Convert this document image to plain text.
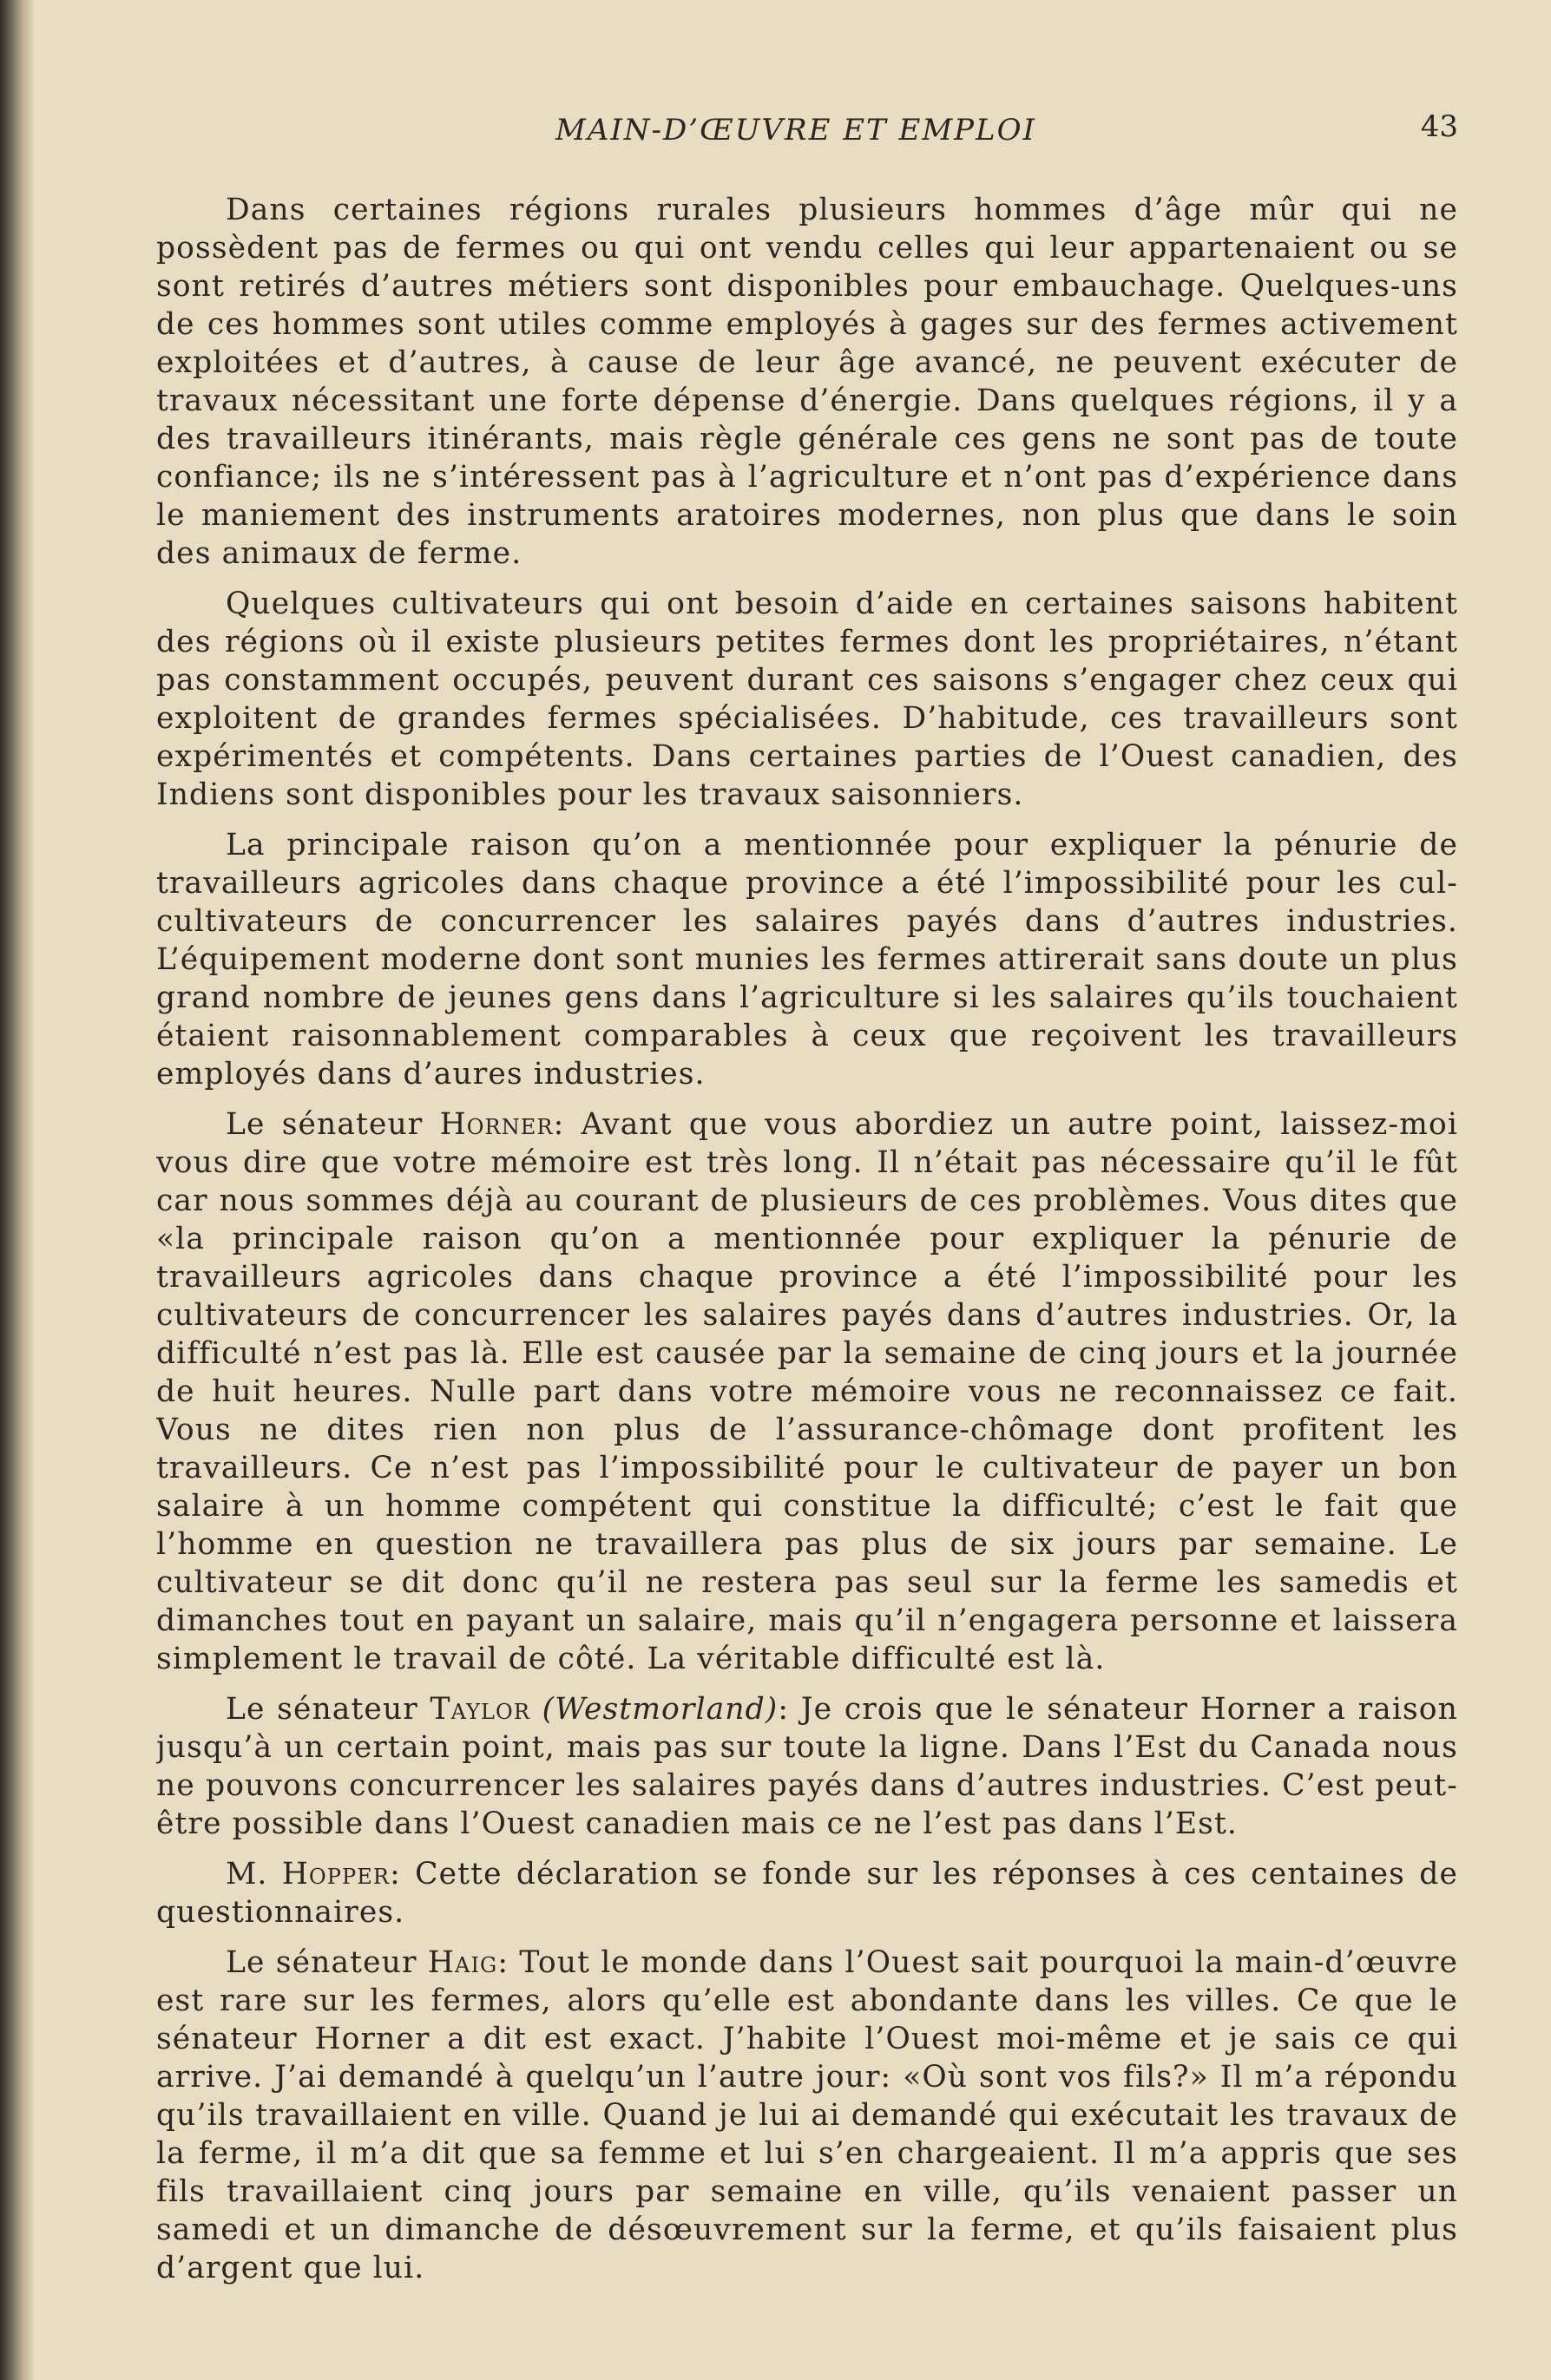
MAIN-D’ŒUVRE ET EMPLOI	43

Dans certaines régions rurales plusieurs hommes d’âge mûr qui ne possèdent pas de fermes ou qui ont vendu celles qui leur appartenaient ou se sont retirés d’autres métiers sont disponibles pour embauchage. Quelques-uns de ces hommes sont utiles comme employés à gages sur des fermes activement exploitées et d’autres, à cause de leur âge avancé, ne peuvent exécuter de travaux nécessitant une forte dépense d’énergie. Dans quelques régions, il y a des travailleurs itinérants, mais règle générale ces gens ne sont pas de toute confiance; ils ne s’intéressent pas à l’agriculture et n’ont pas d’expérience dans le maniement des instruments aratoires modernes, non plus que dans le soin des animaux de ferme.

Quelques cultivateurs qui ont besoin d’aide en certaines saisons habitent des régions où il existe plusieurs petites fermes dont les propriétaires, n’étant pas constamment occupés, peuvent durant ces saisons s’engager chez ceux qui exploitent de grandes fermes spécialisées. D’habitude, ces travailleurs sont expérimentés et compétents. Dans certaines parties de l’Ouest canadien, des Indiens sont disponibles pour les travaux saisonniers.

La principale raison qu’on a mentionnée pour expliquer la pénurie de travailleurs agricoles dans chaque province a été l’impossibilité pour les cul-cultivateurs de concurrencer les salaires payés dans d’autres industries. L’équipement moderne dont sont munies les fermes attirerait sans doute un plus grand nombre de jeunes gens dans l’agriculture si les salaires qu’ils touchaient étaient raisonnablement comparables à ceux que reçoivent les travailleurs employés dans d’aures industries.

Le sénateur Horner: Avant que vous abordiez un autre point, laissez-moi vous dire que votre mémoire est très long. Il n’était pas nécessaire qu’il le fût car nous sommes déjà au courant de plusieurs de ces problèmes. Vous dites que «la principale raison qu’on a mentionnée pour expliquer la pénurie de travailleurs agricoles dans chaque province a été l’impossibilité pour les cultivateurs de concurrencer les salaires payés dans d’autres industries. Or, la difficulté n’est pas là. Elle est causée par la semaine de cinq jours et la journée de huit heures. Nulle part dans votre mémoire vous ne reconnaissez ce fait. Vous ne dites rien non plus de l’assurance-chômage dont profitent les travailleurs. Ce n’est pas l’impossibilité pour le cultivateur de payer un bon salaire à un homme compétent qui constitue la difficulté; c’est le fait que l’homme en question ne travaillera pas plus de six jours par semaine. Le cultivateur se dit donc qu’il ne restera pas seul sur la ferme les samedis et dimanches tout en payant un salaire, mais qu’il n’engagera personne et laissera simplement le travail de côté. La véritable difficulté est là.

Le sénateur Taylor (Westmorland): Je crois que le sénateur Horner a raison jusqu’à un certain point, mais pas sur toute la ligne. Dans l’Est du Canada nous ne pouvons concurrencer les salaires payés dans d’autres industries. C’est peut-être possible dans l’Ouest canadien mais ce ne l’est pas dans l’Est.

M. Hopper: Cette déclaration se fonde sur les réponses à ces centaines de questionnaires.

Le sénateur Haig: Tout le monde dans l’Ouest sait pourquoi la main-d’œuvre est rare sur les fermes, alors qu’elle est abondante dans les villes. Ce que le sénateur Horner a dit est exact. J’habite l’Ouest moi-même et je sais ce qui arrive. J’ai demandé à quelqu’un l’autre jour: «Où sont vos fils?» Il m’a répondu qu’ils travaillaient en ville. Quand je lui ai demandé qui exécutait les travaux de la ferme, il m’a dit que sa femme et lui s’en chargeaient. Il m’a appris que ses fils travaillaient cinq jours par semaine en ville, qu’ils venaient passer un samedi et un dimanche de désœuvrement sur la ferme, et qu’ils faisaient plus d’argent que lui.
